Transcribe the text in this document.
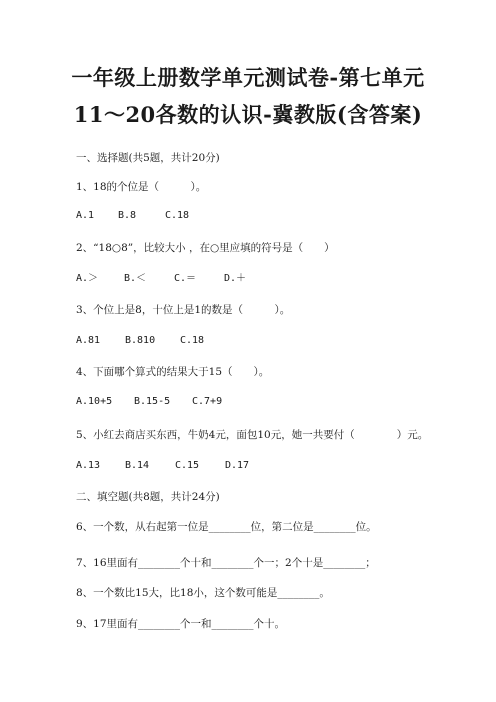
一年级上册数学单元测试卷-第七单元
11～20各数的认识-冀教版(含答案)
一、选择题(共5题，共计20分)
1、18的个位是（　　　）。
A.1 B.8	C.18
2、“18○8”，比较大小 ，在○里应填的符号是（　　）
A.＞	B.＜	C.＝	D.＋
3、个位上是8，十位上是1的数是（　　　）。
A.81 B.810 C.18
4、下面哪个算式的结果大于15（　　）。
A.10+5 B.15-5 C.7+9
5、小红去商店买东西，牛奶4元，面包10元，她一共要付（　　　　）元。
A.13 B.14	C.15	D.17
二、填空题(共8题，共计24分)
6、一个数，从右起第一位是________位，第二位是________位。
7、16里面有________个十和________个一；2个十是________；
8、一个数比15大，比18小，这个数可能是________。
9、17里面有________个一和________个十。
